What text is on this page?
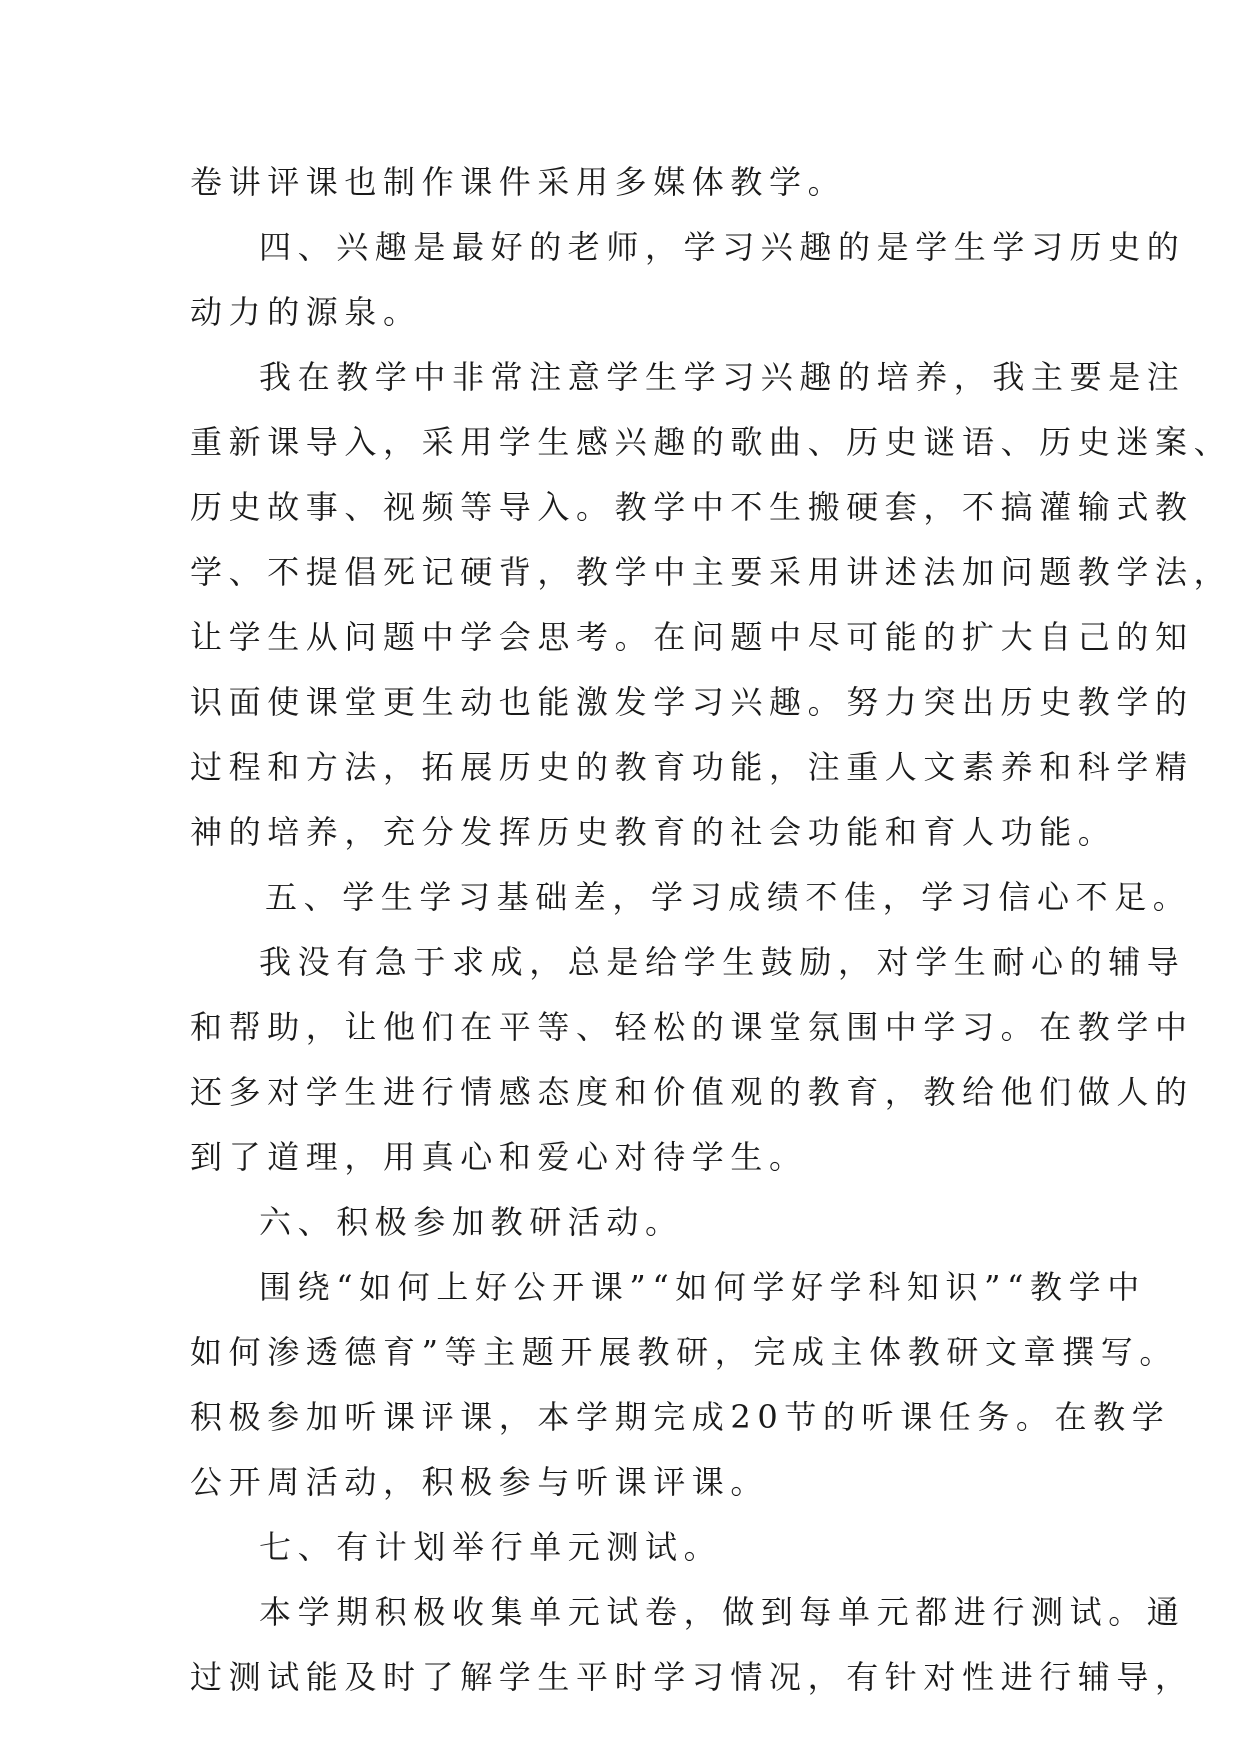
卷讲评课也制作课件采用多媒体教学。

四、兴趣是最好的老师，学习兴趣的是学生学习历史的

动力的源泉。

我在教学中非常注意学生学习兴趣的培养，我主要是注

重新课导入，采用学生感兴趣的歌曲、历史谜语、历史迷案、

历史故事、视频等导入。教学中不生搬硬套，不搞灌输式教

学、不提倡死记硬背，教学中主要采用讲述法加问题教学法，

让学生从问题中学会思考。在问题中尽可能的扩大自己的知

识面使课堂更生动也能激发学习兴趣。努力突出历史教学的

过程和方法，拓展历史的教育功能，注重人文素养和科学精

神的培养，充分发挥历史教育的社会功能和育人功能。

五、学生学习基础差，学习成绩不佳，学习信心不足。

我没有急于求成，总是给学生鼓励，对学生耐心的辅导

和帮助，让他们在平等、轻松的课堂氛围中学习。在教学中

还多对学生进行情感态度和价值观的教育，教给他们做人的

到了道理，用真心和爱心对待学生。

六、积极参加教研活动。

围绕“如何上好公开课”“如何学好学科知识”“教学中

如何渗透德育”等主题开展教研，完成主体教研文章撰写。

积极参加听课评课，本学期完成20节的听课任务。在教学

公开周活动，积极参与听课评课。

七、有计划举行单元测试。

本学期积极收集单元试卷，做到每单元都进行测试。通

过测试能及时了解学生平时学习情况，有针对性进行辅导，
